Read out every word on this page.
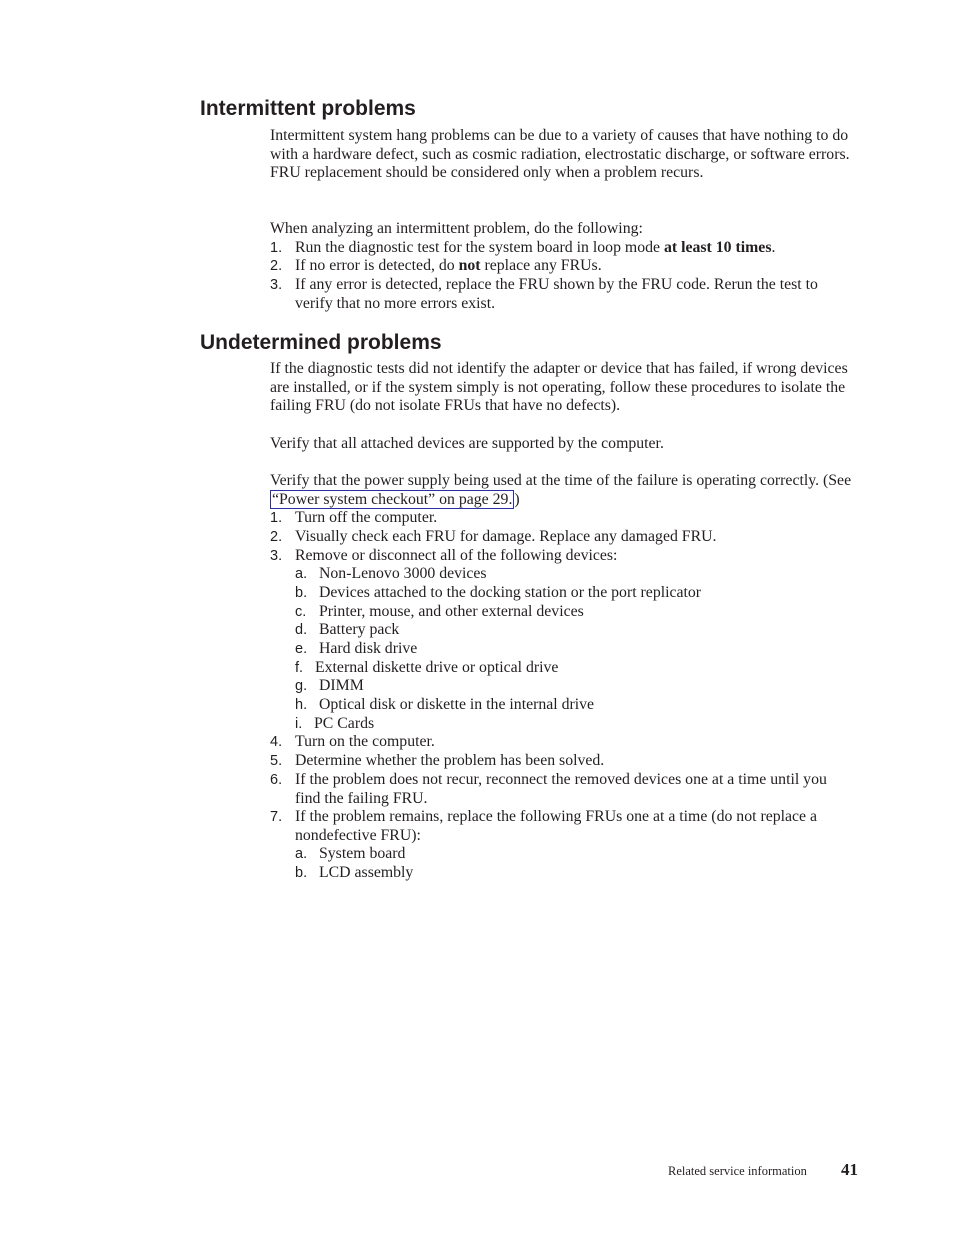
Intermittent problems

Intermittent system hang problems can be due to a variety of causes that have nothing to do with a hardware defect, such as cosmic radiation, electrostatic discharge, or software errors. FRU replacement should be considered only when a problem recurs.

When analyzing an intermittent problem, do the following:

1. Run the diagnostic test for the system board in loop mode at least 10 times.

2. If no error is detected, do not replace any FRUs.

3. If any error is detected, replace the FRU shown by the FRU code. Rerun the test to verify that no more errors exist.

Undetermined problems

If the diagnostic tests did not identify the adapter or device that has failed, if wrong devices are installed, or if the system simply is not operating, follow these procedures to isolate the failing FRU (do not isolate FRUs that have no defects).

Verify that all attached devices are supported by the computer.

Verify that the power supply being used at the time of the failure is operating correctly. (See “Power system checkout” on page 29. )

1. Turn off the computer.

2. Visually check each FRU for damage. Replace any damaged FRU.

3. Remove or disconnect all of the following devices:

a. Non-Lenovo 3000 devices

b. Devices attached to the docking station or the port replicator

c. Printer, mouse, and other external devices

d. Battery pack

e. Hard disk drive

f. External diskette drive or optical drive

g. DIMM

h. Optical disk or diskette in the internal drive

i. PC Cards

4. Turn on the computer.

5. Determine whether the problem has been solved.

6. If the problem does not recur, reconnect the removed devices one at a time until you find the failing FRU.

7. If the problem remains, replace the following FRUs one at a time (do not replace a nondefective FRU):

a. System board

b. LCD assembly

Related service information 41
